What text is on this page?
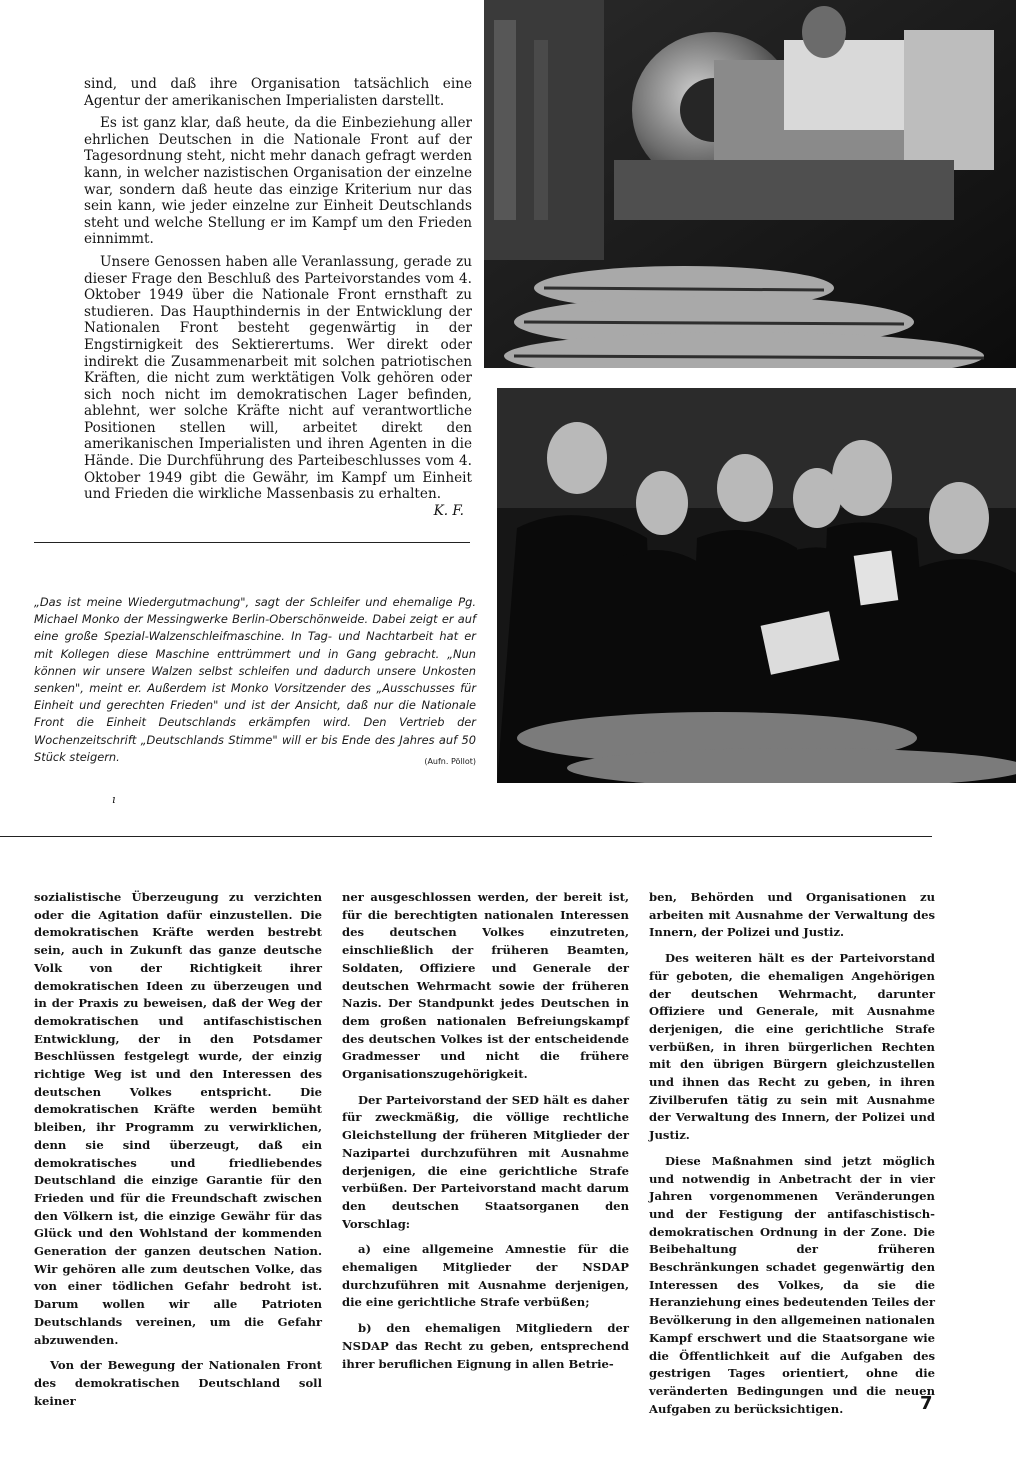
sind, und daß ihre Organisation tatsächlich eine Agentur der amerikanischen Imperialisten darstellt.

Es ist ganz klar, daß heute, da die Einbeziehung aller ehrlichen Deutschen in die Nationale Front auf der Tagesordnung steht, nicht mehr danach gefragt werden kann, in welcher nazistischen Organisation der einzelne war, sondern daß heute das einzige Kriterium nur das sein kann, wie jeder einzelne zur Einheit Deutschlands steht und welche Stellung er im Kampf um den Frieden einnimmt.

Unsere Genossen haben alle Veranlassung, gerade zu dieser Frage den Beschluß des Parteivorstandes vom 4. Oktober 1949 über die Nationale Front ernsthaft zu studieren. Das Haupthindernis in der Entwicklung der Nationalen Front besteht gegenwärtig in der Engstirnigkeit des Sektierertums. Wer direkt oder indirekt die Zusammenarbeit mit solchen patriotischen Kräften, die nicht zum werktätigen Volk gehören oder sich noch nicht im demokratischen Lager befinden, ablehnt, wer solche Kräfte nicht auf verantwortliche Positionen stellen will, arbeitet direkt den amerikanischen Imperialisten und ihren Agenten in die Hände. Die Durchführung des Parteibeschlusses vom 4. Oktober 1949 gibt die Gewähr, im Kampf um Einheit und Frieden die wirkliche Massenbasis zu erhalten.

K. F.
„Das ist meine Wiedergutmachung", sagt der Schleifer und ehemalige Pg. Michael Monko der Messingwerke Berlin-Oberschönweide. Dabei zeigt er auf eine große Spezial-Walzenschleifmaschine. In Tag- und Nachtarbeit hat er mit Kollegen diese Maschine enttrümmert und in Gang gebracht. „Nun können wir unsere Walzen selbst schleifen und dadurch unsere Unkosten senken", meint er. Außerdem ist Monko Vorsitzender des „Ausschusses für Einheit und gerechten Frieden" und ist der Ansicht, daß nur die Nationale Front die Einheit Deutschlands erkämpfen wird. Den Vertrieb der Wochenzeitschrift „Deutschlands Stimme" will er bis Ende des Jahres auf 50 Stück steigern.	(Aufn. Pöllot)
ı

sozialistische Überzeugung zu verzichten oder die Agitation dafür einzustellen. Die demokratischen Kräfte werden bestrebt sein, auch in Zukunft das ganze deutsche Volk von der Richtigkeit ihrer demokratischen Ideen zu überzeugen und in der Praxis zu beweisen, daß der Weg der demokratischen und antifaschistischen Entwicklung, der in den Potsdamer Beschlüssen festgelegt wurde, der einzig richtige Weg ist und den Interessen des deutschen Volkes entspricht. Die demokratischen Kräfte werden bemüht bleiben, ihr Programm zu verwirklichen, denn sie sind überzeugt, daß ein demokratisches und friedliebendes Deutschland die einzige Garantie für den Frieden und für die Freundschaft zwischen den Völkern ist, die einzige Gewähr für das Glück und den Wohlstand der kommenden Generation der ganzen deutschen Nation. Wir gehören alle zum deutschen Volke, das von einer tödlichen Gefahr bedroht ist. Darum wollen wir alle Patrioten Deutschlands vereinen, um die Gefahr abzuwenden.

Von der Bewegung der Nationalen Front des demokratischen Deutschland soll keiner

ner ausgeschlossen werden, der bereit ist, für die berechtigten nationalen Interessen des deutschen Volkes einzutreten, einschließlich der früheren Beamten, Soldaten, Offiziere und Generale der deutschen Wehrmacht sowie der früheren Nazis. Der Standpunkt jedes Deutschen in dem großen nationalen Befreiungskampf des deutschen Volkes ist der entscheidende Gradmesser und nicht die frühere Organisationszugehörigkeit.

Der Parteivorstand der SED hält es daher für zweckmäßig, die völlige rechtliche Gleichstellung der früheren Mitglieder der Nazipartei durchzuführen mit Ausnahme derjenigen, die eine gerichtliche Strafe verbüßen. Der Parteivorstand macht darum den deutschen Staatsorganen den Vorschlag:

a) eine allgemeine Amnestie für die ehemaligen Mitglieder der NSDAP durchzuführen mit Ausnahme derjenigen, die eine gerichtliche Strafe verbüßen;

b) den ehemaligen Mitgliedern der NSDAP das Recht zu geben, entsprechend ihrer beruflichen Eignung in allen Betrie-

ben, Behörden und Organisationen zu arbeiten mit Ausnahme der Verwaltung des Innern, der Polizei und Justiz.

Des weiteren hält es der Parteivorstand für geboten, die ehemaligen Angehörigen der deutschen Wehrmacht, darunter Offiziere und Generale, mit Ausnahme derjenigen, die eine gerichtliche Strafe verbüßen, in ihren bürgerlichen Rechten mit den übrigen Bürgern gleichzustellen und ihnen das Recht zu geben, in ihren Zivilberufen tätig zu sein mit Ausnahme der Verwaltung des Innern, der Polizei und Justiz.

Diese Maßnahmen sind jetzt möglich und notwendig in Anbetracht der in vier Jahren vorgenommenen Veränderungen und der Festigung der antifaschistisch-demokratischen Ordnung in der Zone. Die Beibehaltung der früheren Beschränkungen schadet gegenwärtig den Interessen des Volkes, da sie die Heranziehung eines bedeutenden Teiles der Bevölkerung in den allgemeinen nationalen Kampf erschwert und die Staatsorgane wie die Öffentlichkeit auf die Aufgaben des gestrigen Tages orientiert, ohne die veränderten Bedingungen und die neuen Aufgaben zu berücksichtigen.	7
